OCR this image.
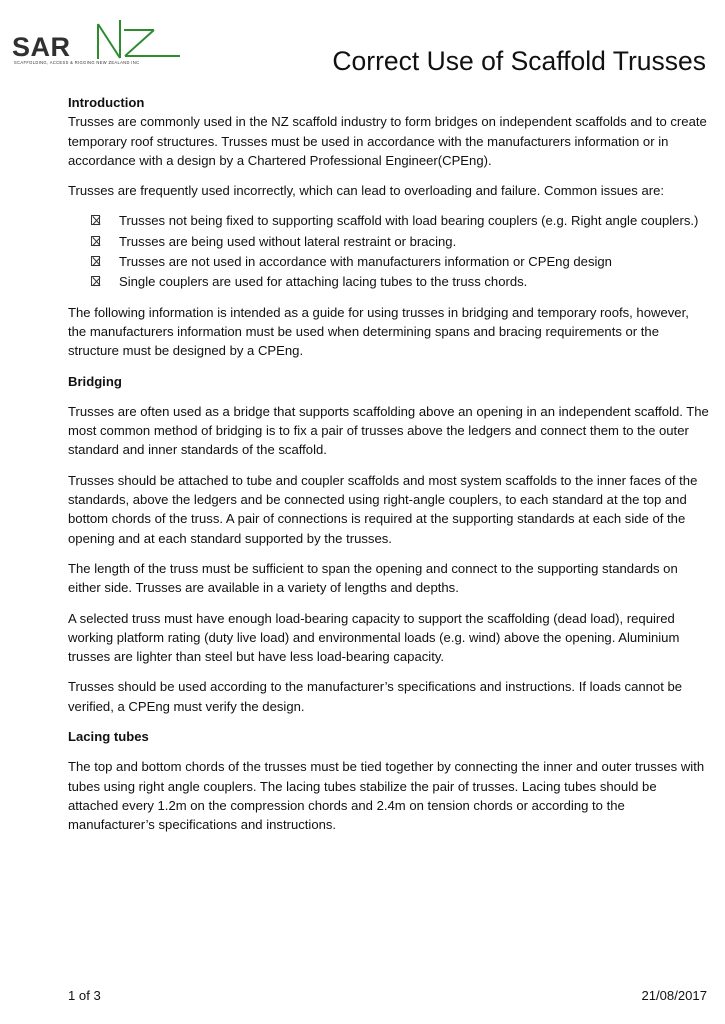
SAR
SCAFFOLDING, ACCESS & RIGGING NEW ZEALAND INC	Correct Use of Scaffold Trusses
Introduction

Trusses are commonly used in the NZ scaffold industry to form bridges on independent scaffolds and to create temporary roof structures. Trusses must be used in accordance with the manufacturers information or in accordance with a design by a Chartered Professional Engineer(CPEng).

Trusses are frequently used incorrectly, which can lead to overloading and failure. Common issues are:

Trusses not being fixed to supporting scaffold with load bearing couplers (e.g. Right angle couplers.)
Trusses are being used without lateral restraint or bracing.
Trusses are not used in accordance with manufacturers information or CPEng design
Single couplers are used for attaching lacing tubes to the truss chords.

The following information is intended as a guide for using trusses in bridging and temporary roofs, however, the manufacturers information must be used when determining spans and bracing requirements or the structure must be designed by a CPEng.

Bridging

Trusses are often used as a bridge that supports scaffolding above an opening in an independent scaffold. The most common method of bridging is to fix a pair of trusses above the ledgers and connect them to the outer standard and inner standards of the scaffold.

Trusses should be attached to tube and coupler scaffolds and most system scaffolds to the inner faces of the standards, above the ledgers and be connected using right-angle couplers, to each standard at the top and bottom chords of the truss. A pair of connections is required at the supporting standards at each side of the opening and at each standard supported by the trusses.

The length of the truss must be sufficient to span the opening and connect to the supporting standards on either side. Trusses are available in a variety of lengths and depths.

A selected truss must have enough load-bearing capacity to support the scaffolding (dead load), required working platform rating (duty live load) and environmental loads (e.g. wind) above the opening. Aluminium trusses are lighter than steel but have less load-bearing capacity.

Trusses should be used according to the manufacturer’s specifications and instructions. If loads cannot be verified, a CPEng must verify the design.

Lacing tubes

The top and bottom chords of the trusses must be tied together by connecting the inner and outer trusses with tubes using right angle couplers. The lacing tubes stabilize the pair of trusses. Lacing tubes should be attached every 1.2m on the compression chords and 2.4m on tension chords or according to the manufacturer’s specifications and instructions.

1 of 3	21/08/2017
